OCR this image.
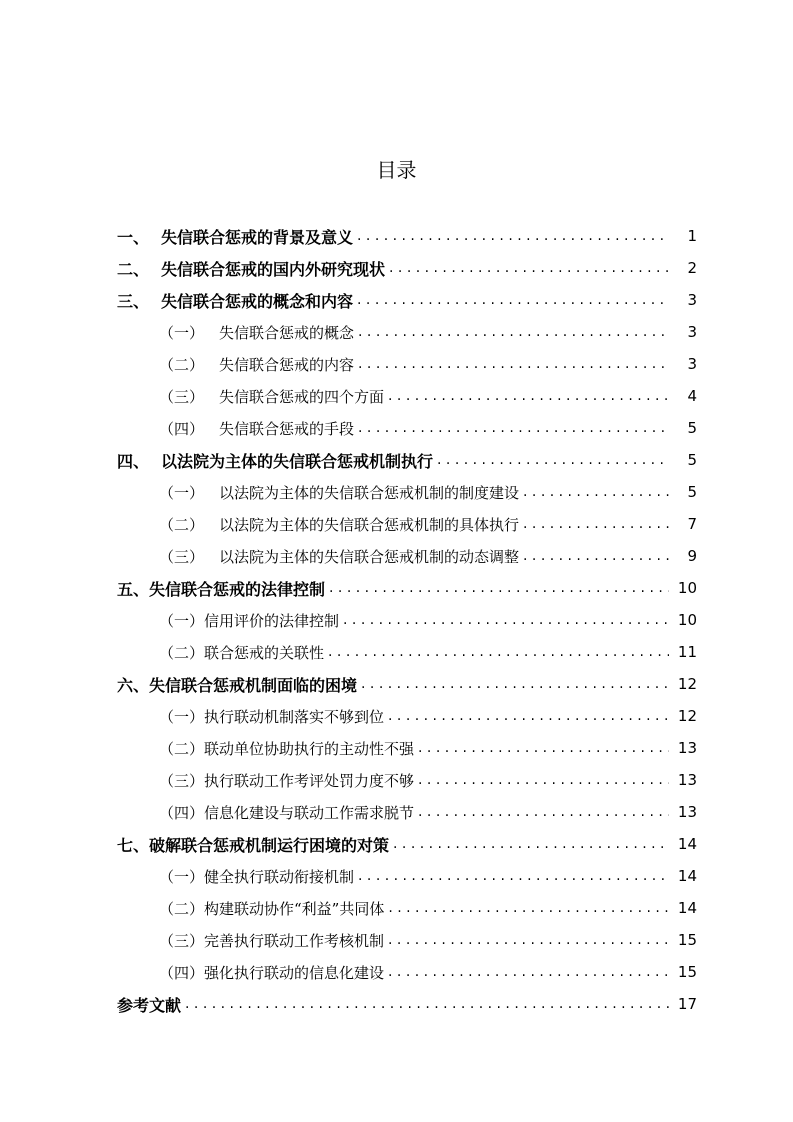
目录
一、 失信联合惩戒的背景及意义 . . .	1
二、 失信联合惩戒的国内外研究现状 . . .	2
三、 失信联合惩戒的概念和内容 . . .	3
（一） 失信联合惩戒的概念 . . .	3
（二） 失信联合惩戒的内容 . . .	3
（三） 失信联合惩戒的四个方面 . . .	4
（四） 失信联合惩戒的手段 . . .	5
四、 以法院为主体的失信联合惩戒机制执行 . . .	5
（一） 以法院为主体的失信联合惩戒机制的制度建设 . . .	5
（二） 以法院为主体的失信联合惩戒机制的具体执行 . . .	7
（三） 以法院为主体的失信联合惩戒机制的动态调整 . . .	9
五、 失信联合惩戒的法律控制 . . .	10
（一） 信用评价的法律控制 . . .	10
（二） 联合惩戒的关联性 . . .	11
六、 失信联合惩戒机制面临的困境 . . .	12
（一） 执行联动机制落实不够到位 . . .	12
（二） 联动单位协助执行的主动性不强 . . .	13
（三） 执行联动工作考评处罚力度不够 . . .	13
（四） 信息化建设与联动工作需求脱节 . . .	13
七、 破解联合惩戒机制运行困境的对策 . . .	14
（一） 健全执行联动衔接机制 . . .	14
（二） 构建联动协作“利益”共同体 . . .	14
（三） 完善执行联动工作考核机制 . . .	15
（四） 强化执行联动的信息化建设 . . .	15
参考文献 . . .	17
